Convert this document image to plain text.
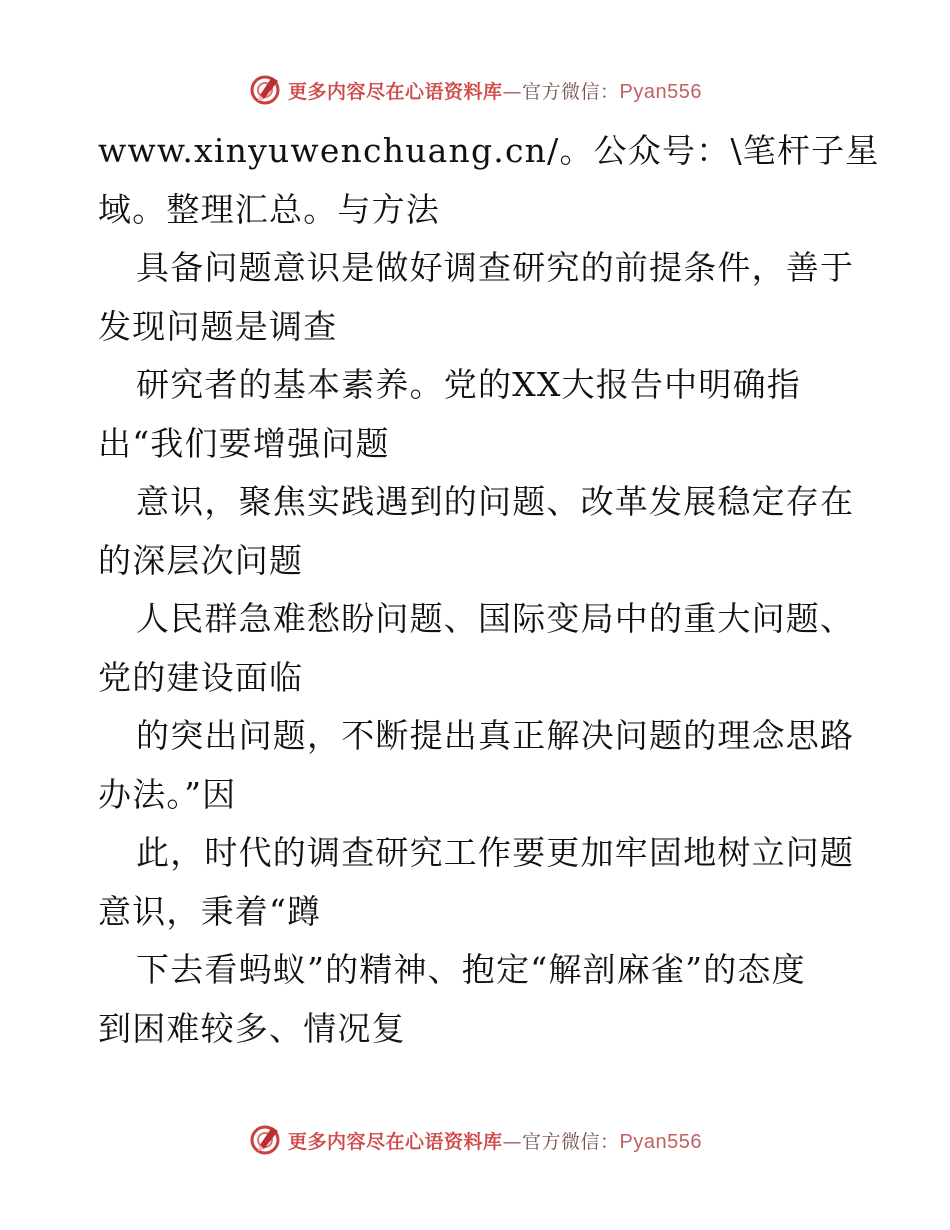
更多内容尽在心语资料库—官方微信：Pyan556
www.xinyuwenchuang.cn/。公众号：\笔杆子星
域。整理汇总。与方法
具备问题意识是做好调查研究的前提条件，善于
发现问题是调查
研究者的基本素养。党的XX大报告中明确指
出“我们要增强问题
意识，聚焦实践遇到的问题、改革发展稳定存在
的深层次问题
人民群急难愁盼问题、国际变局中的重大问题、
党的建设面临
的突出问题，不断提出真正解决问题的理念思路
办法。”因
此，时代的调查研究工作要更加牢固地树立问题
意识，秉着“蹲
下去看蚂蚁”的精神、抱定“解剖麻雀”的态度
到困难较多、情况复
更多内容尽在心语资料库—官方微信：Pyan556
